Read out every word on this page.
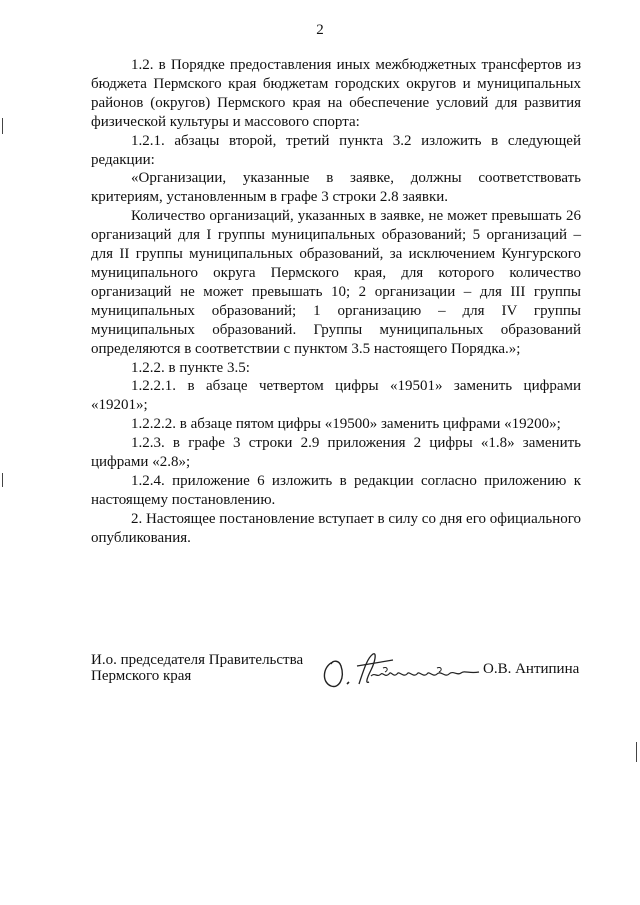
2

1.2. в Порядке предоставления иных межбюджетных трансфертов из бюджета Пермского края бюджетам городских округов и муниципальных районов (округов) Пермского края на обеспечение условий для развития физической культуры и массового спорта:

1.2.1. абзацы второй, третий пункта 3.2 изложить в следующей редакции:

«Организации, указанные в заявке, должны соответствовать критериям, установленным в графе 3 строки 2.8 заявки.

Количество организаций, указанных в заявке, не может превышать 26 организаций для I группы муниципальных образований; 5 организаций – для II группы муниципальных образований, за исключением Кунгурского муниципального округа Пермского края, для которого количество организаций не может превышать 10; 2 организации – для III группы муниципальных образований; 1 организацию – для IV группы муниципальных образований. Группы муниципальных образований определяются в соответствии с пунктом 3.5 настоящего Порядка.»;

1.2.2. в пункте 3.5:

1.2.2.1. в абзаце четвертом цифры «19501» заменить цифрами «19201»;

1.2.2.2. в абзаце пятом цифры «19500» заменить цифрами «19200»;

1.2.3. в графе 3 строки 2.9 приложения 2 цифры «1.8» заменить цифрами «2.8»;

1.2.4. приложение 6 изложить в редакции согласно приложению к настоящему постановлению.

2. Настоящее постановление вступает в силу со дня его официального опубликования.

И.о. председателя Правительства
Пермского края	О.В. Антипина
